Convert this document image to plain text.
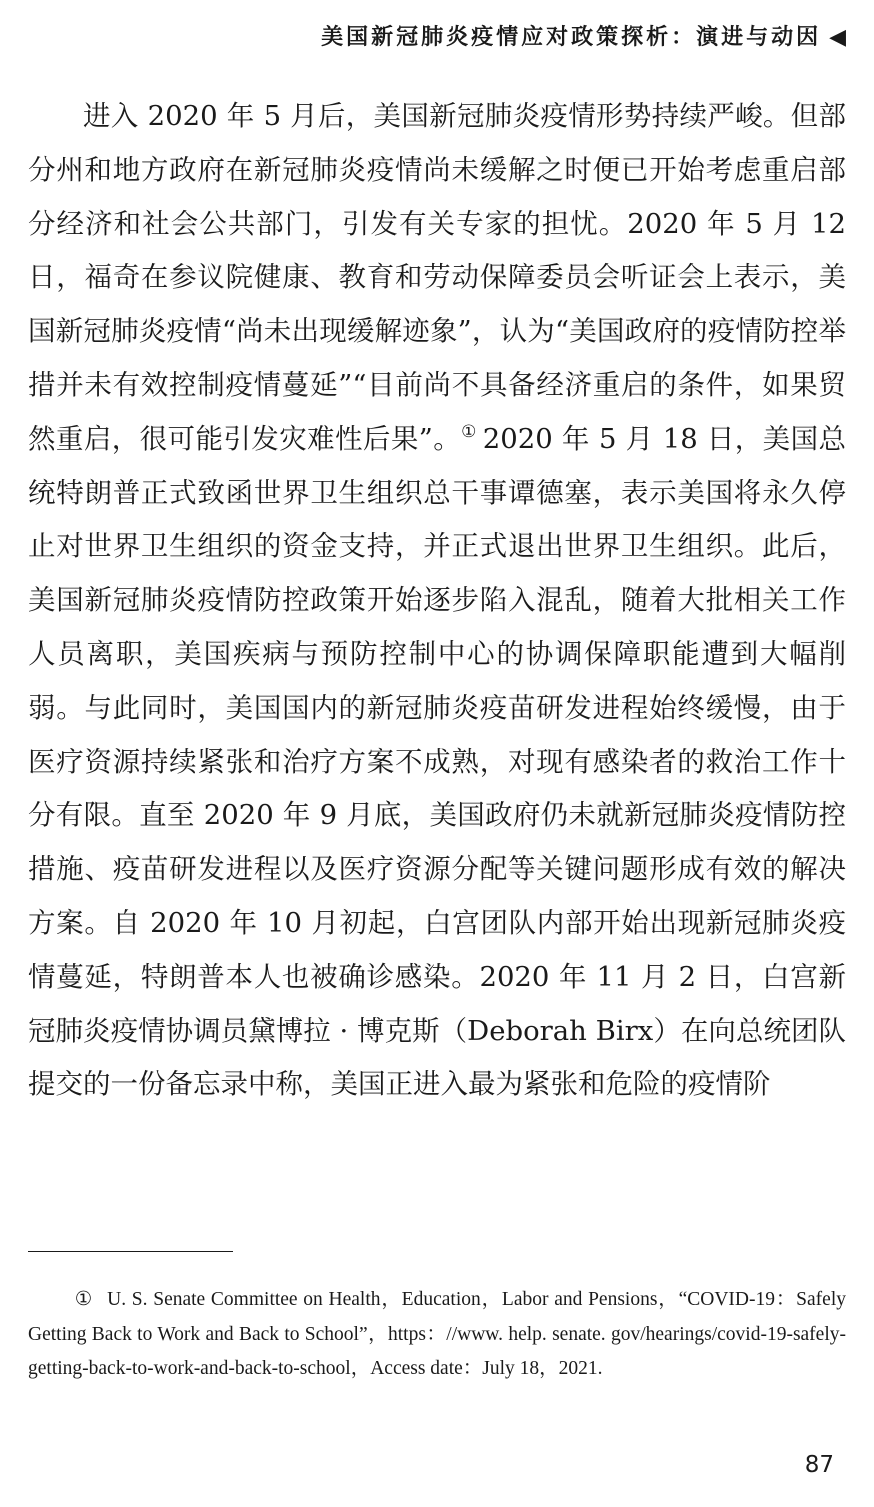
美国新冠肺炎疫情应对政策探析：演进与动因 ◀

进入 2020 年 5 月后，美国新冠肺炎疫情形势持续严峻。但部分州和地方政府在新冠肺炎疫情尚未缓解之时便已开始考虑重启部分经济和社会公共部门，引发有关专家的担忧。2020 年 5 月 12 日，福奇在参议院健康、教育和劳动保障委员会听证会上表示，美国新冠肺炎疫情“尚未出现缓解迹象”，认为“美国政府的疫情防控举措并未有效控制疫情蔓延”“目前尚不具备经济重启的条件，如果贸然重启，很可能引发灾难性后果”。① 2020 年 5 月 18 日，美国总统特朗普正式致函世界卫生组织总干事谭德塞，表示美国将永久停止对世界卫生组织的资金支持，并正式退出世界卫生组织。此后，美国新冠肺炎疫情防控政策开始逐步陷入混乱，随着大批相关工作人员离职，美国疾病与预防控制中心的协调保障职能遭到大幅削弱。与此同时，美国国内的新冠肺炎疫苗研发进程始终缓慢，由于医疗资源持续紧张和治疗方案不成熟，对现有感染者的救治工作十分有限。直至 2020 年 9 月底，美国政府仍未就新冠肺炎疫情防控措施、疫苗研发进程以及医疗资源分配等关键问题形成有效的解决方案。自 2020 年 10 月初起，白宫团队内部开始出现新冠肺炎疫情蔓延，特朗普本人也被确诊感染。2020 年 11 月 2 日，白宫新冠肺炎疫情协调员黛博拉 · 博克斯（Deborah Birx）在向总统团队提交的一份备忘录中称，美国正进入最为紧张和危险的疫情阶

① U. S. Senate Committee on Health，Education，Labor and Pensions，“COVID-19：Safely Getting Back to Work and Back to School”，https：//www. help. senate. gov/hearings/covid-19-safely-getting-back-to-work-and-back-to-school，Access date：July 18，2021.

87
